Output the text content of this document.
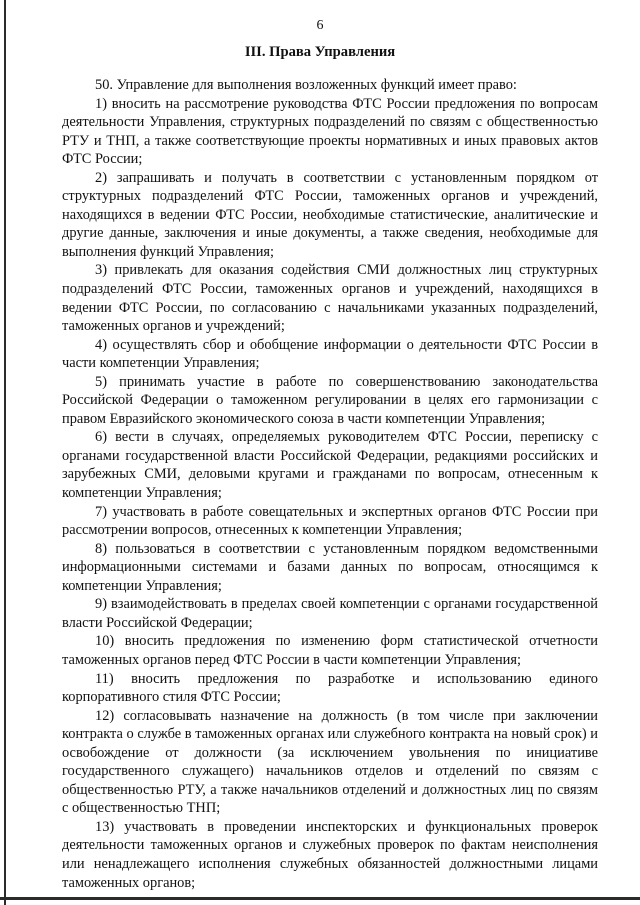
6
III. Права Управления

50. Управление для выполнения возложенных функций имеет право:

1) вносить на рассмотрение руководства ФТС России предложения по вопросам деятельности Управления, структурных подразделений по связям с общественностью РТУ и ТНП, а также соответствующие проекты нормативных и иных правовых актов ФТС России;

2) запрашивать и получать в соответствии с установленным порядком от структурных подразделений ФТС России, таможенных органов и учреждений, находящихся в ведении ФТС России, необходимые статистические, аналитические и другие данные, заключения и иные документы, а также сведения, необходимые для выполнения функций Управления;

3) привлекать для оказания содействия СМИ должностных лиц структурных подразделений ФТС России, таможенных органов и учреждений, находящихся в ведении ФТС России, по согласованию с начальниками указанных подразделений, таможенных органов и учреждений;

4) осуществлять сбор и обобщение информации о деятельности ФТС России в части компетенции Управления;

5) принимать участие в работе по совершенствованию законодательства Российской Федерации о таможенном регулировании в целях его гармонизации с правом Евразийского экономического союза в части компетенции Управления;

6) вести в случаях, определяемых руководителем ФТС России, переписку с органами государственной власти Российской Федерации, редакциями российских и зарубежных СМИ, деловыми кругами и гражданами по вопросам, отнесенным к компетенции Управления;

7) участвовать в работе совещательных и экспертных органов ФТС России при рассмотрении вопросов, отнесенных к компетенции Управления;

8) пользоваться в соответствии с установленным порядком ведомственными информационными системами и базами данных по вопросам, относящимся к компетенции Управления;

9) взаимодействовать в пределах своей компетенции с органами государственной власти Российской Федерации;

10) вносить предложения по изменению форм статистической отчетности таможенных органов перед ФТС России в части компетенции Управления;

11) вносить предложения по разработке и использованию единого корпоративного стиля ФТС России;

12) согласовывать назначение на должность (в том числе при заключении контракта о службе в таможенных органах или служебного контракта на новый срок) и освобождение от должности (за исключением увольнения по инициативе государственного служащего) начальников отделов и отделений по связям с общественностью РТУ, а также начальников отделений и должностных лиц по связям с общественностью ТНП;

13) участвовать в проведении инспекторских и функциональных проверок деятельности таможенных органов и служебных проверок по фактам неисполнения или ненадлежащего исполнения служебных обязанностей должностными лицами таможенных органов;
